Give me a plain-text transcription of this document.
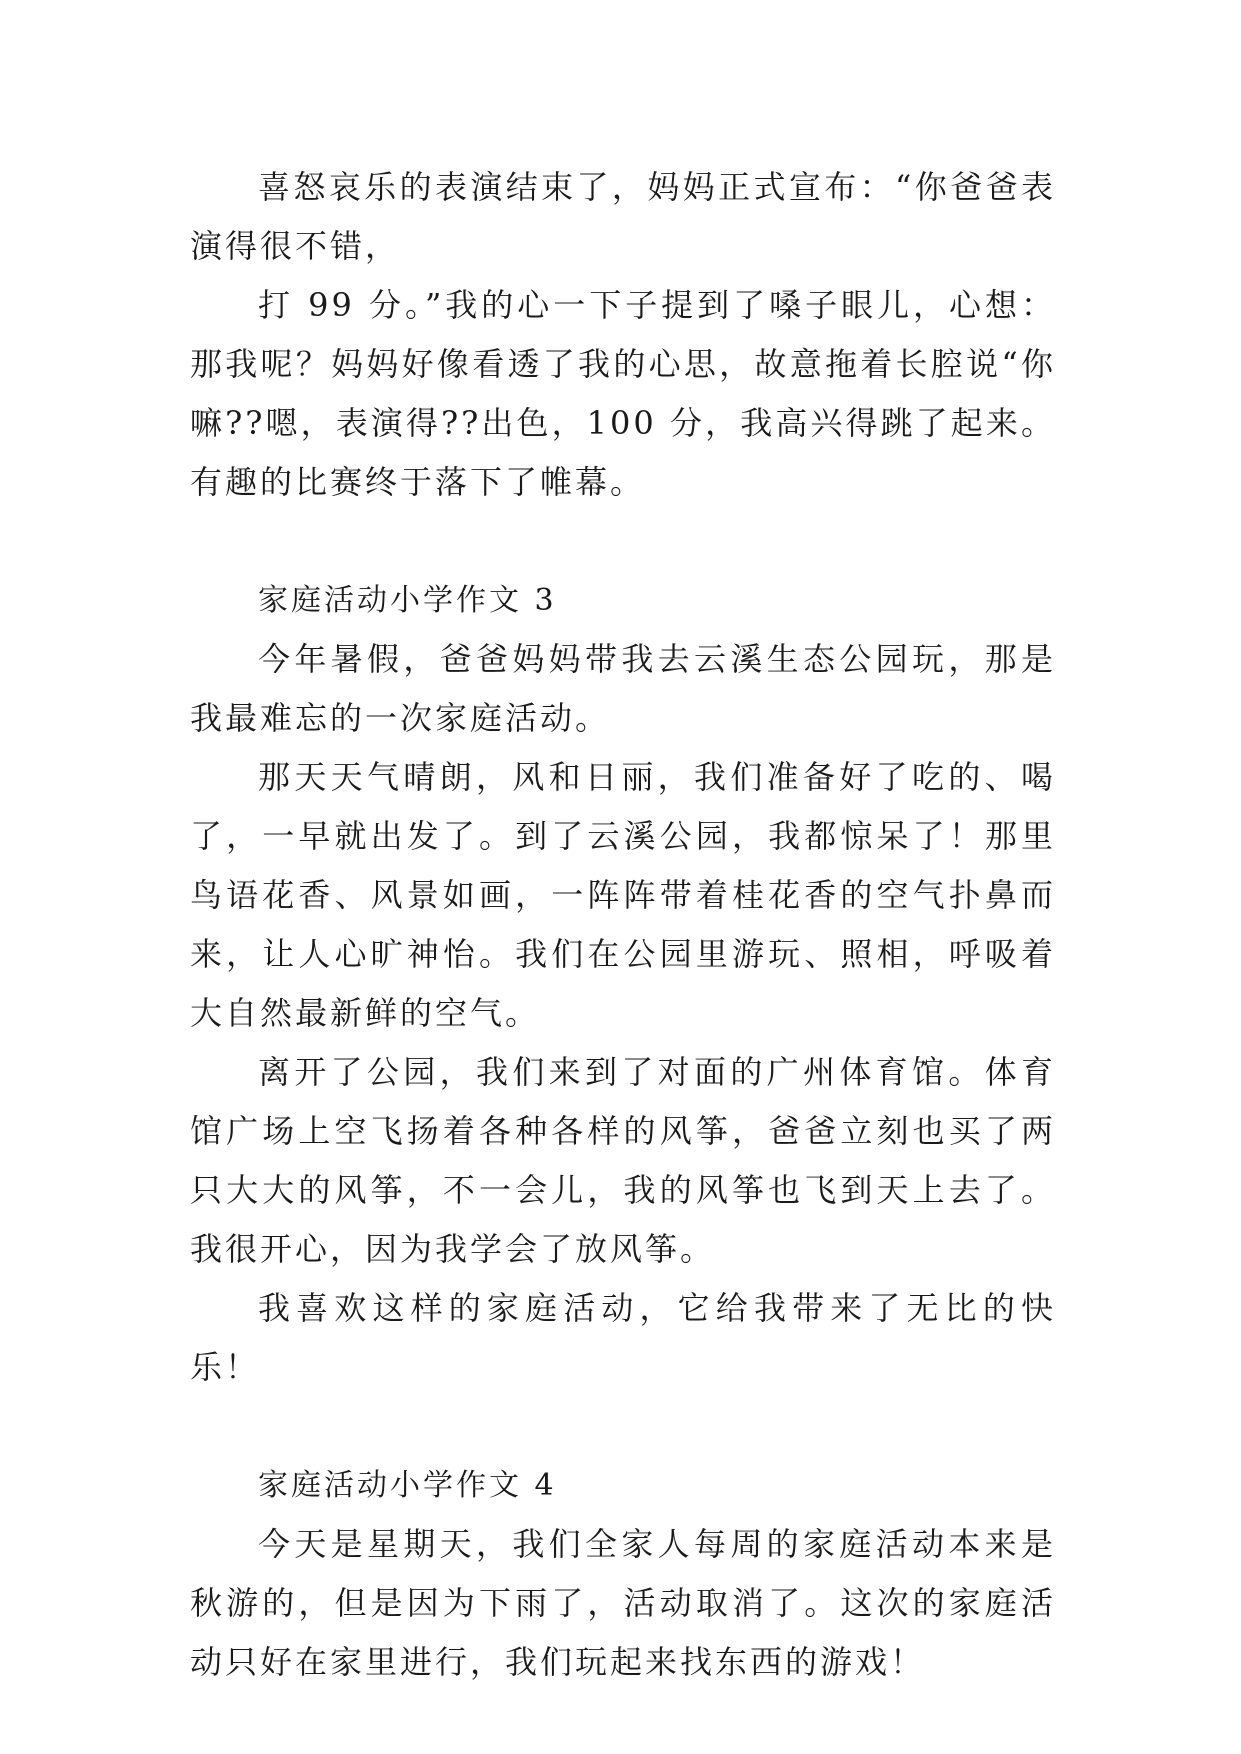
喜怒哀乐的表演结束了，妈妈正式宣布：“你爸爸表演得很不错，

打 99 分。”我的心一下子提到了嗓子眼儿，心想：那我呢？妈妈好像看透了我的心思，故意拖着长腔说“你嘛??嗯，表演得??出色，100 分，我高兴得跳了起来。有趣的比赛终于落下了帷幕。

家庭活动小学作文 3

今年暑假，爸爸妈妈带我去云溪生态公园玩，那是我最难忘的一次家庭活动。

那天天气晴朗，风和日丽，我们准备好了吃的、喝了，一早就出发了。到了云溪公园，我都惊呆了！那里鸟语花香、风景如画，一阵阵带着桂花香的空气扑鼻而来，让人心旷神怡。我们在公园里游玩、照相，呼吸着大自然最新鲜的空气。

离开了公园，我们来到了对面的广州体育馆。体育馆广场上空飞扬着各种各样的风筝，爸爸立刻也买了两只大大的风筝，不一会儿，我的风筝也飞到天上去了。我很开心，因为我学会了放风筝。

我喜欢这样的家庭活动，它给我带来了无比的快乐！

家庭活动小学作文 4

今天是星期天，我们全家人每周的家庭活动本来是秋游的，但是因为下雨了，活动取消了。这次的家庭活动只好在家里进行，我们玩起来找东西的游戏！
